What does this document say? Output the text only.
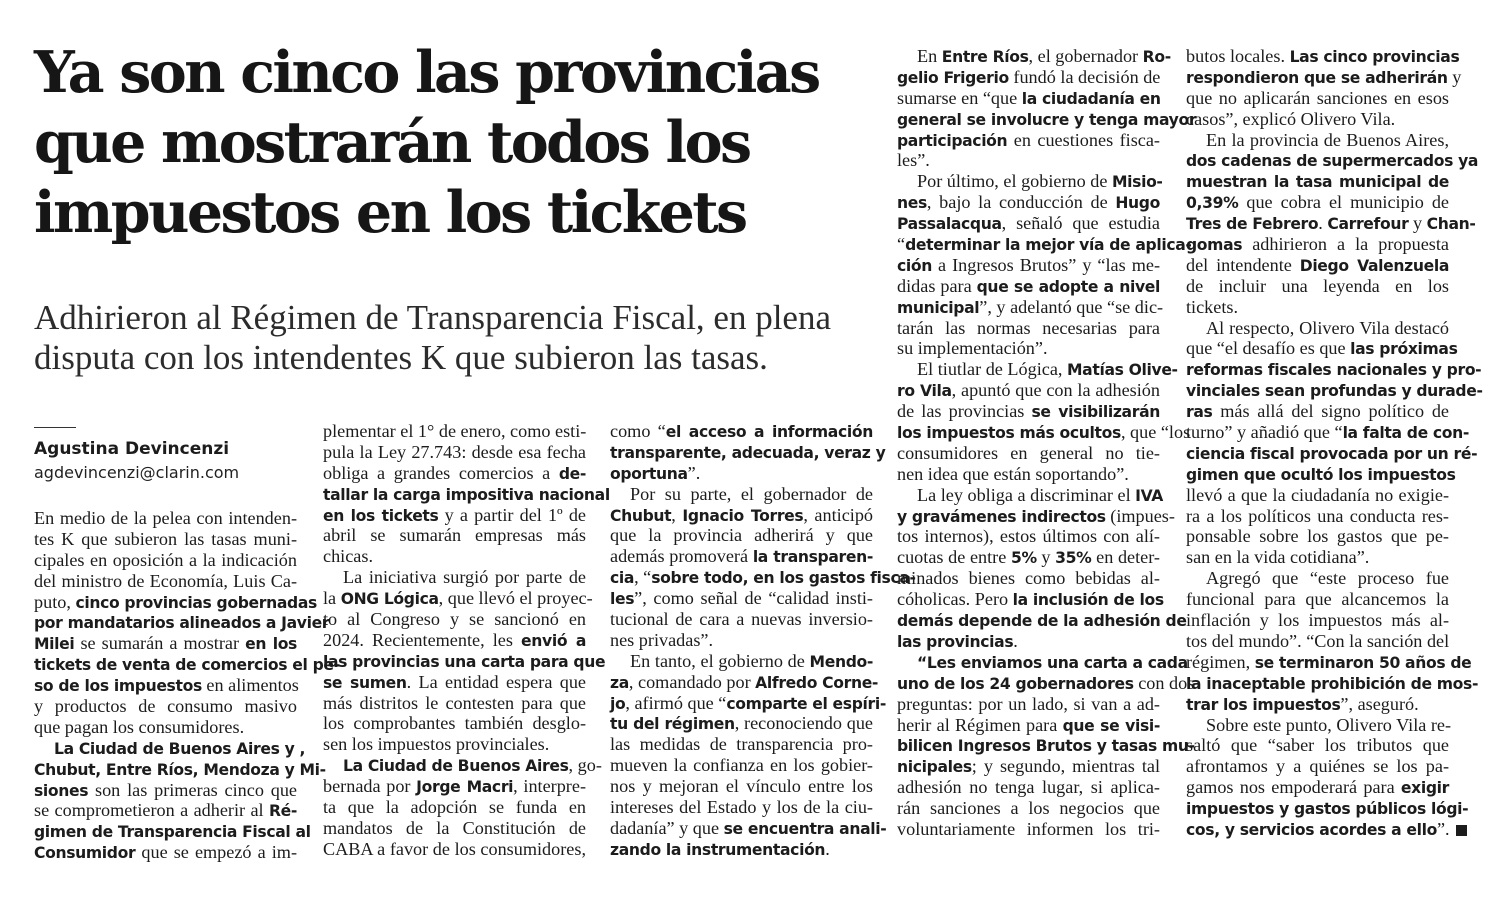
Ya son cinco las provincias
que mostrarán todos los
impuestos en los tickets
Adhirieron al Régimen de Transparencia Fiscal, en plena
disputa con los intendentes K que subieron las tasas.
Agustina Devincenzi
agdevincenzi@clarin.com
En medio de la pelea con intenden-
tes K que subieron las tasas muni-
cipales en oposición a la indicación
del ministro de Economía, Luis Ca-
puto, cinco provincias gobernadas
por mandatarios alineados a Javier
Milei se sumarán a mostrar en los
tickets de venta de comercios el pe-
so de los impuestos en alimentos
y productos de consumo masivo
que pagan los consumidores.
La Ciudad de Buenos Aires y ,
Chubut, Entre Ríos, Mendoza y Mi-
siones son las primeras cinco que
se comprometieron a adherir al Ré-
gimen de Transparencia Fiscal al
Consumidor que se empezó a im-
plementar el 1° de enero, como esti-
pula la Ley 27.743: desde esa fecha
obliga a grandes comercios a de-
tallar la carga impositiva nacional
en los tickets y a partir del 1º de
abril se sumarán empresas más
chicas.
La iniciativa surgió por parte de
la ONG Lógica, que llevó el proyec-
to al Congreso y se sancionó en
2024. Recientemente, les envió a
las provincias una carta para que
se sumen. La entidad espera que
más distritos le contesten para que
los comprobantes también desglo-
sen los impuestos provinciales.
La Ciudad de Buenos Aires, go-
bernada por Jorge Macri, interpre-
ta que la adopción se funda en
mandatos de la Constitución de
CABA a favor de los consumidores,
como “el acceso a información
transparente, adecuada, veraz y
oportuna”.
Por su parte, el gobernador de
Chubut, Ignacio Torres, anticipó
que la provincia adherirá y que
además promoverá la transparen-
cia, “sobre todo, en los gastos fisca-
les”, como señal de “calidad insti-
tucional de cara a nuevas inversio-
nes privadas”.
En tanto, el gobierno de Mendo-
za, comandado por Alfredo Corne-
jo, afirmó que “comparte el espíri-
tu del régimen, reconociendo que
las medidas de transparencia pro-
mueven la confianza en los gobier-
nos y mejoran el vínculo entre los
intereses del Estado y los de la ciu-
dadanía” y que se encuentra anali-
zando la instrumentación.
En Entre Ríos, el gobernador Ro-
gelio Frigerio fundó la decisión de
sumarse en “que la ciudadanía en
general se involucre y tenga mayor
participación en cuestiones fisca-
les”.
Por último, el gobierno de Misio-
nes, bajo la conducción de Hugo
Passalacqua, señaló que estudia
“determinar la mejor vía de aplica-
ción a Ingresos Brutos” y “las me-
didas para que se adopte a nivel
municipal”, y adelantó que “se dic-
tarán las normas necesarias para
su implementación”.
El tiutlar de Lógica, Matías Olive-
ro Vila, apuntó que con la adhesión
de las provincias se visibilizarán
los impuestos más ocultos, que “los
consumidores en general no tie-
nen idea que están soportando”.
La ley obliga a discriminar el IVA
y gravámenes indirectos (impues-
tos internos), estos últimos con alí-
cuotas de entre 5% y 35% en deter-
minados bienes como bebidas al-
cóholicas. Pero la inclusión de los
demás depende de la adhesión de
las provincias.
“Les enviamos una carta a cada
uno de los 24 gobernadores con dos
preguntas: por un lado, si van a ad-
herir al Régimen para que se visi-
bilicen Ingresos Brutos y tasas mu-
nicipales; y segundo, mientras tal
adhesión no tenga lugar, si aplica-
rán sanciones a los negocios que
voluntariamente informen los tri-
butos locales. Las cinco provincias
respondieron que se adherirán y
que no aplicarán sanciones en esos
casos”, explicó Olivero Vila.
En la provincia de Buenos Aires,
dos cadenas de supermercados ya
muestran la tasa municipal de
0,39% que cobra el municipio de
Tres de Febrero. Carrefour y Chan-
gomas adhirieron a la propuesta
del intendente Diego Valenzuela
de incluir una leyenda en los
tickets.
Al respecto, Olivero Vila destacó
que “el desafío es que las próximas
reformas fiscales nacionales y pro-
vinciales sean profundas y durade-
ras más allá del signo político de
turno” y añadió que “la falta de con-
ciencia fiscal provocada por un ré-
gimen que ocultó los impuestos
llevó a que la ciudadanía no exigie-
ra a los políticos una conducta res-
ponsable sobre los gastos que pe-
san en la vida cotidiana”.
Agregó que “este proceso fue
funcional para que alcancemos la
inflación y los impuestos más al-
tos del mundo”. “Con la sanción del
régimen, se terminaron 50 años de
la inaceptable prohibición de mos-
trar los impuestos”, aseguró.
Sobre este punto, Olivero Vila re-
saltó que “saber los tributos que
afrontamos y a quiénes se los pa-
gamos nos empoderará para exigir
impuestos y gastos públicos lógi-
cos, y servicios acordes a ello”.
